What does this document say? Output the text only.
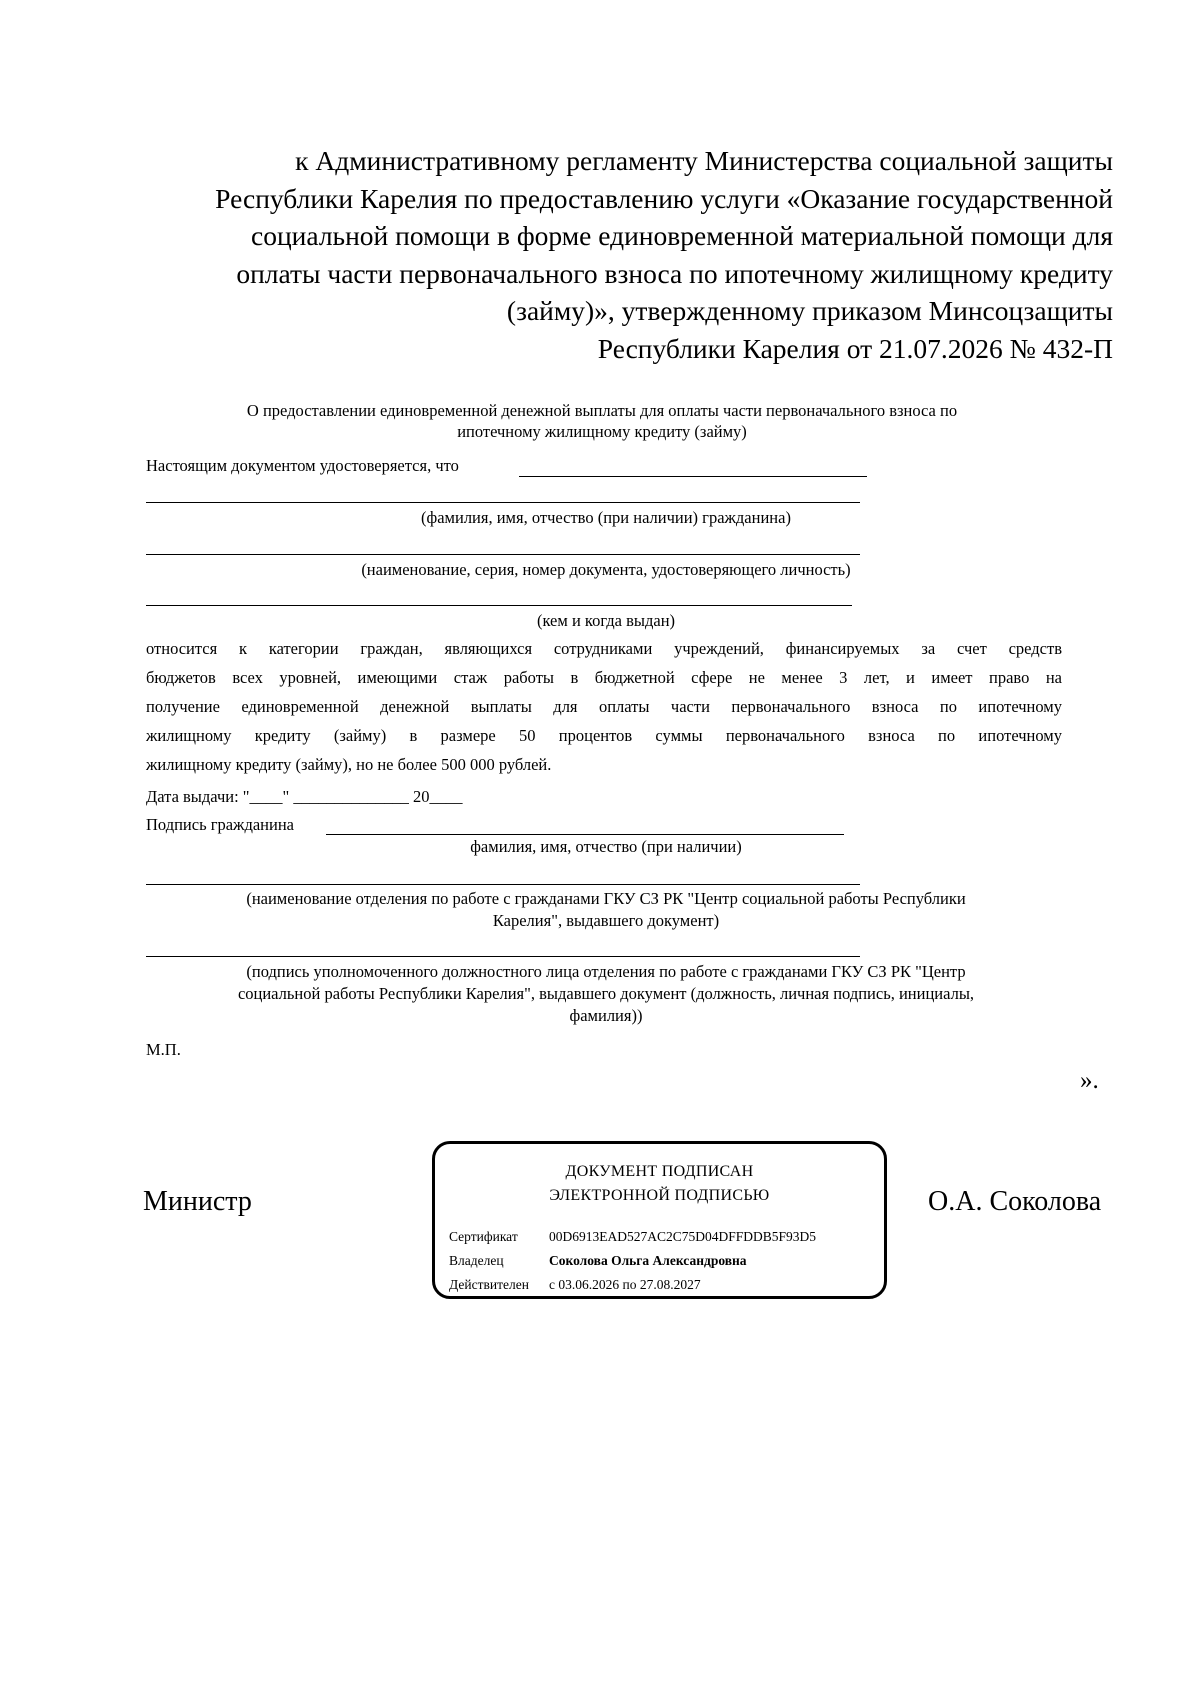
к Административному регламенту Министерства социальной защиты
Республики Карелия по предоставлению услуги «Оказание государственной
социальной помощи в форме единовременной материальной помощи для
оплаты части первоначального взноса по ипотечному жилищному кредиту
(займу)», утвержденному приказом Минсоцзащиты
Республики Карелия от 21.07.2026 № 432-П
О предоставлении единовременной денежной выплаты для оплаты части первоначального взноса по
ипотечному жилищному кредиту (займу)
Настоящим документом удостоверяется, что
(фамилия, имя, отчество (при наличии) гражданина)
(наименование, серия, номер документа, удостоверяющего личность)
(кем и когда выдан)
относится к категории граждан, являющихся сотрудниками учреждений, финансируемых за счет средств
бюджетов всех уровней, имеющими стаж работы в бюджетной сфере не менее 3 лет, и имеет право на
получение единовременной денежной выплаты для оплаты части первоначального взноса по ипотечному
жилищному кредиту (займу) в размере 50 процентов суммы первоначального взноса по ипотечному
жилищному кредиту (займу), но не более 500 000 рублей.
Дата выдачи: "____" ______________ 20____
Подпись гражданина
фамилия, имя, отчество (при наличии)
(наименование отделения по работе с гражданами ГКУ СЗ РК "Центр социальной работы Республики
Карелия", выдавшего документ)
(подпись уполномоченного должностного лица отделения по работе с гражданами ГКУ СЗ РК "Центр
социальной работы Республики Карелия", выдавшего документ (должность, личная подпись, инициалы,
фамилия))
М.П.
».
Министр
ДОКУМЕНТ ПОДПИСАН
ЭЛЕКТРОННОЙ ПОДПИСЬЮ
Сертификат 00D6913EAD527AC2C75D04DFFDDB5F93D5
Владелец	Соколова Ольга Александровна
Действителен с 03.06.2026 по 27.08.2027
О.А. Соколова
